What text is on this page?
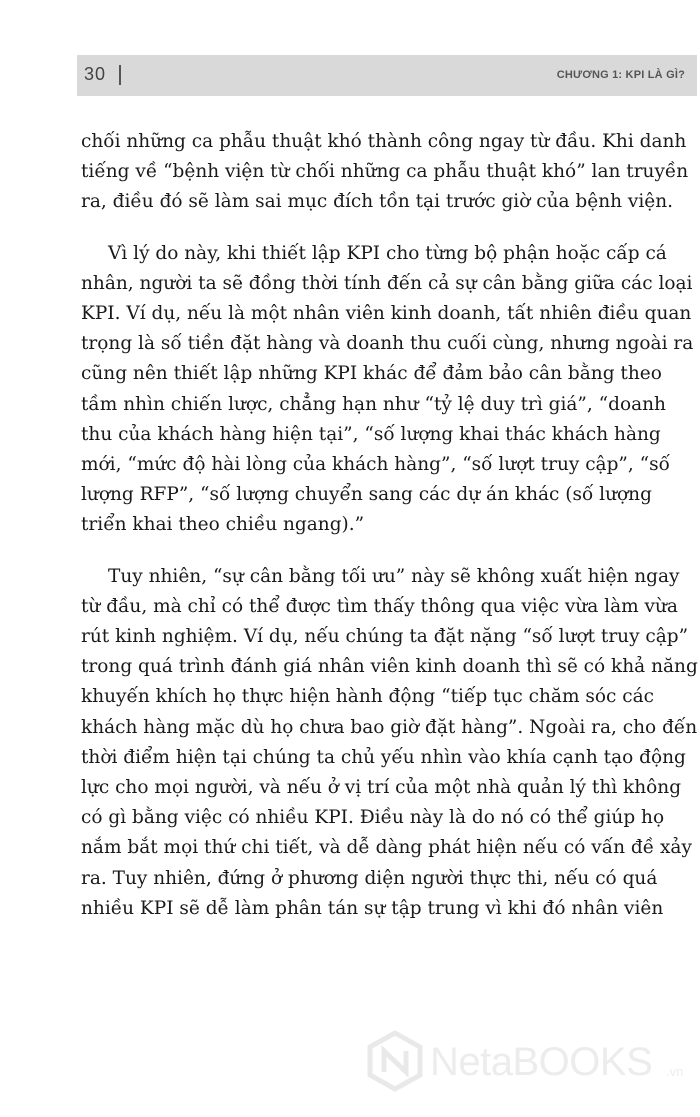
30	CHƯƠNG 1: KPI LÀ GÌ?
chối những ca phẫu thuật khó thành công ngay từ đầu. Khi danh
tiếng về “bệnh viện từ chối những ca phẫu thuật khó” lan truyền
ra, điều đó sẽ làm sai mục đích tồn tại trước giờ của bệnh viện.
Vì lý do này, khi thiết lập KPI cho từng bộ phận hoặc cấp cá
nhân, người ta sẽ đồng thời tính đến cả sự cân bằng giữa các loại
KPI. Ví dụ, nếu là một nhân viên kinh doanh, tất nhiên điều quan
trọng là số tiền đặt hàng và doanh thu cuối cùng, nhưng ngoài ra
cũng nên thiết lập những KPI khác để đảm bảo cân bằng theo
tầm nhìn chiến lược, chẳng hạn như “tỷ lệ duy trì giá”, “doanh
thu của khách hàng hiện tại”, “số lượng khai thác khách hàng
mới, “mức độ hài lòng của khách hàng”, “số lượt truy cập”, “số
lượng RFP”, “số lượng chuyển sang các dự án khác (số lượng
triển khai theo chiều ngang).”
Tuy nhiên, “sự cân bằng tối ưu” này sẽ không xuất hiện ngay
từ đầu, mà chỉ có thể được tìm thấy thông qua việc vừa làm vừa
rút kinh nghiệm. Ví dụ, nếu chúng ta đặt nặng “số lượt truy cập”
trong quá trình đánh giá nhân viên kinh doanh thì sẽ có khả năng
khuyến khích họ thực hiện hành động “tiếp tục chăm sóc các
khách hàng mặc dù họ chưa bao giờ đặt hàng”. Ngoài ra, cho đến
thời điểm hiện tại chúng ta chủ yếu nhìn vào khía cạnh tạo động
lực cho mọi người, và nếu ở vị trí của một nhà quản lý thì không
có gì bằng việc có nhiều KPI. Điều này là do nó có thể giúp họ
nắm bắt mọi thứ chi tiết, và dễ dàng phát hiện nếu có vấn đề xảy
ra. Tuy nhiên, đứng ở phương diện người thực thi, nếu có quá
nhiều KPI sẽ dễ làm phân tán sự tập trung vì khi đó nhân viên
NetaBOOKS .vn
